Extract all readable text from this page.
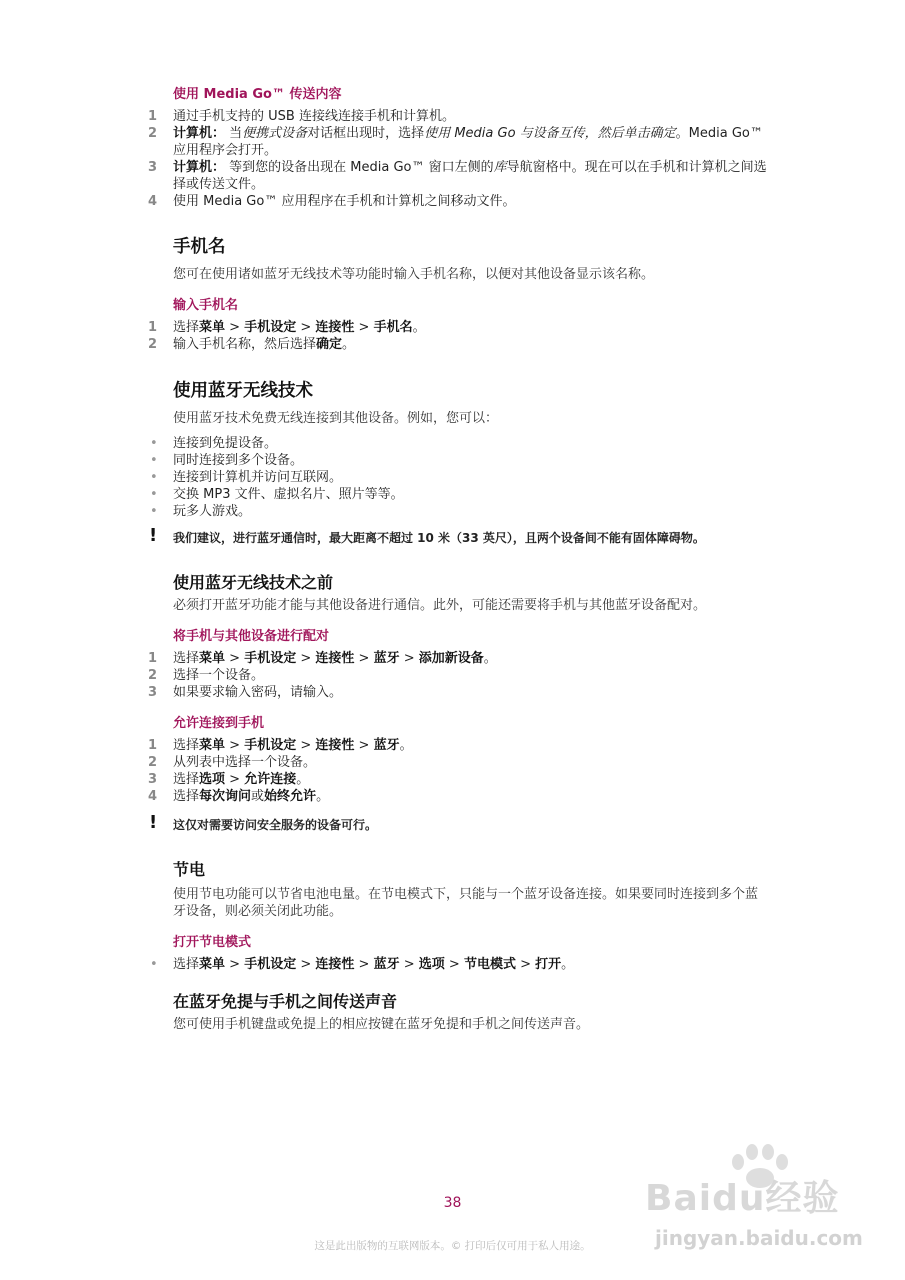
使用 Media Go™ 传送内容
1	通过手机支持的 USB 连接线连接手机和计算机。
2	计算机： 当便携式设备对话框出现时，选择使用 Media Go 与设备互传，然后单击确定。Media Go™ 应用程序会打开。
3	计算机： 等到您的设备出现在 Media Go™ 窗口左侧的库导航窗格中。现在可以在手机和计算机之间选择或传送文件。
4	使用 Media Go™ 应用程序在手机和计算机之间移动文件。
手机名
您可在使用诸如蓝牙无线技术等功能时输入手机名称，以便对其他设备显示该名称。
输入手机名
1	选择菜单 > 手机设定 > 连接性 > 手机名。
2	输入手机名称，然后选择确定。
使用蓝牙无线技术
使用蓝牙技术免费无线连接到其他设备。例如，您可以：
• 连接到免提设备。
• 同时连接到多个设备。
• 连接到计算机并访问互联网。
• 交换 MP3 文件、虚拟名片、照片等等。
• 玩多人游戏。
! 我们建议，进行蓝牙通信时，最大距离不超过 10 米（33 英尺），且两个设备间不能有固体障碍物。
使用蓝牙无线技术之前
必须打开蓝牙功能才能与其他设备进行通信。此外，可能还需要将手机与其他蓝牙设备配对。
将手机与其他设备进行配对
1	选择菜单 > 手机设定 > 连接性 > 蓝牙 > 添加新设备。
2	选择一个设备。
3	如果要求输入密码，请输入。
允许连接到手机
1	选择菜单 > 手机设定 > 连接性 > 蓝牙。
2	从列表中选择一个设备。
3	选择选项 > 允许连接。
4	选择每次询问或始终允许。
! 这仅对需要访问安全服务的设备可行。
节电
使用节电功能可以节省电池电量。在节电模式下，只能与一个蓝牙设备连接。如果要同时连接到多个蓝牙设备，则必须关闭此功能。
打开节电模式
• 选择菜单 > 手机设定 > 连接性 > 蓝牙 > 选项 > 节电模式 > 打开。
在蓝牙免提与手机之间传送声音
您可使用手机键盘或免提上的相应按键在蓝牙免提和手机之间传送声音。
38
这是此出版物的互联网版本。© 打印后仅可用于私人用途。
Baidu经验
jingyan.baidu.com
